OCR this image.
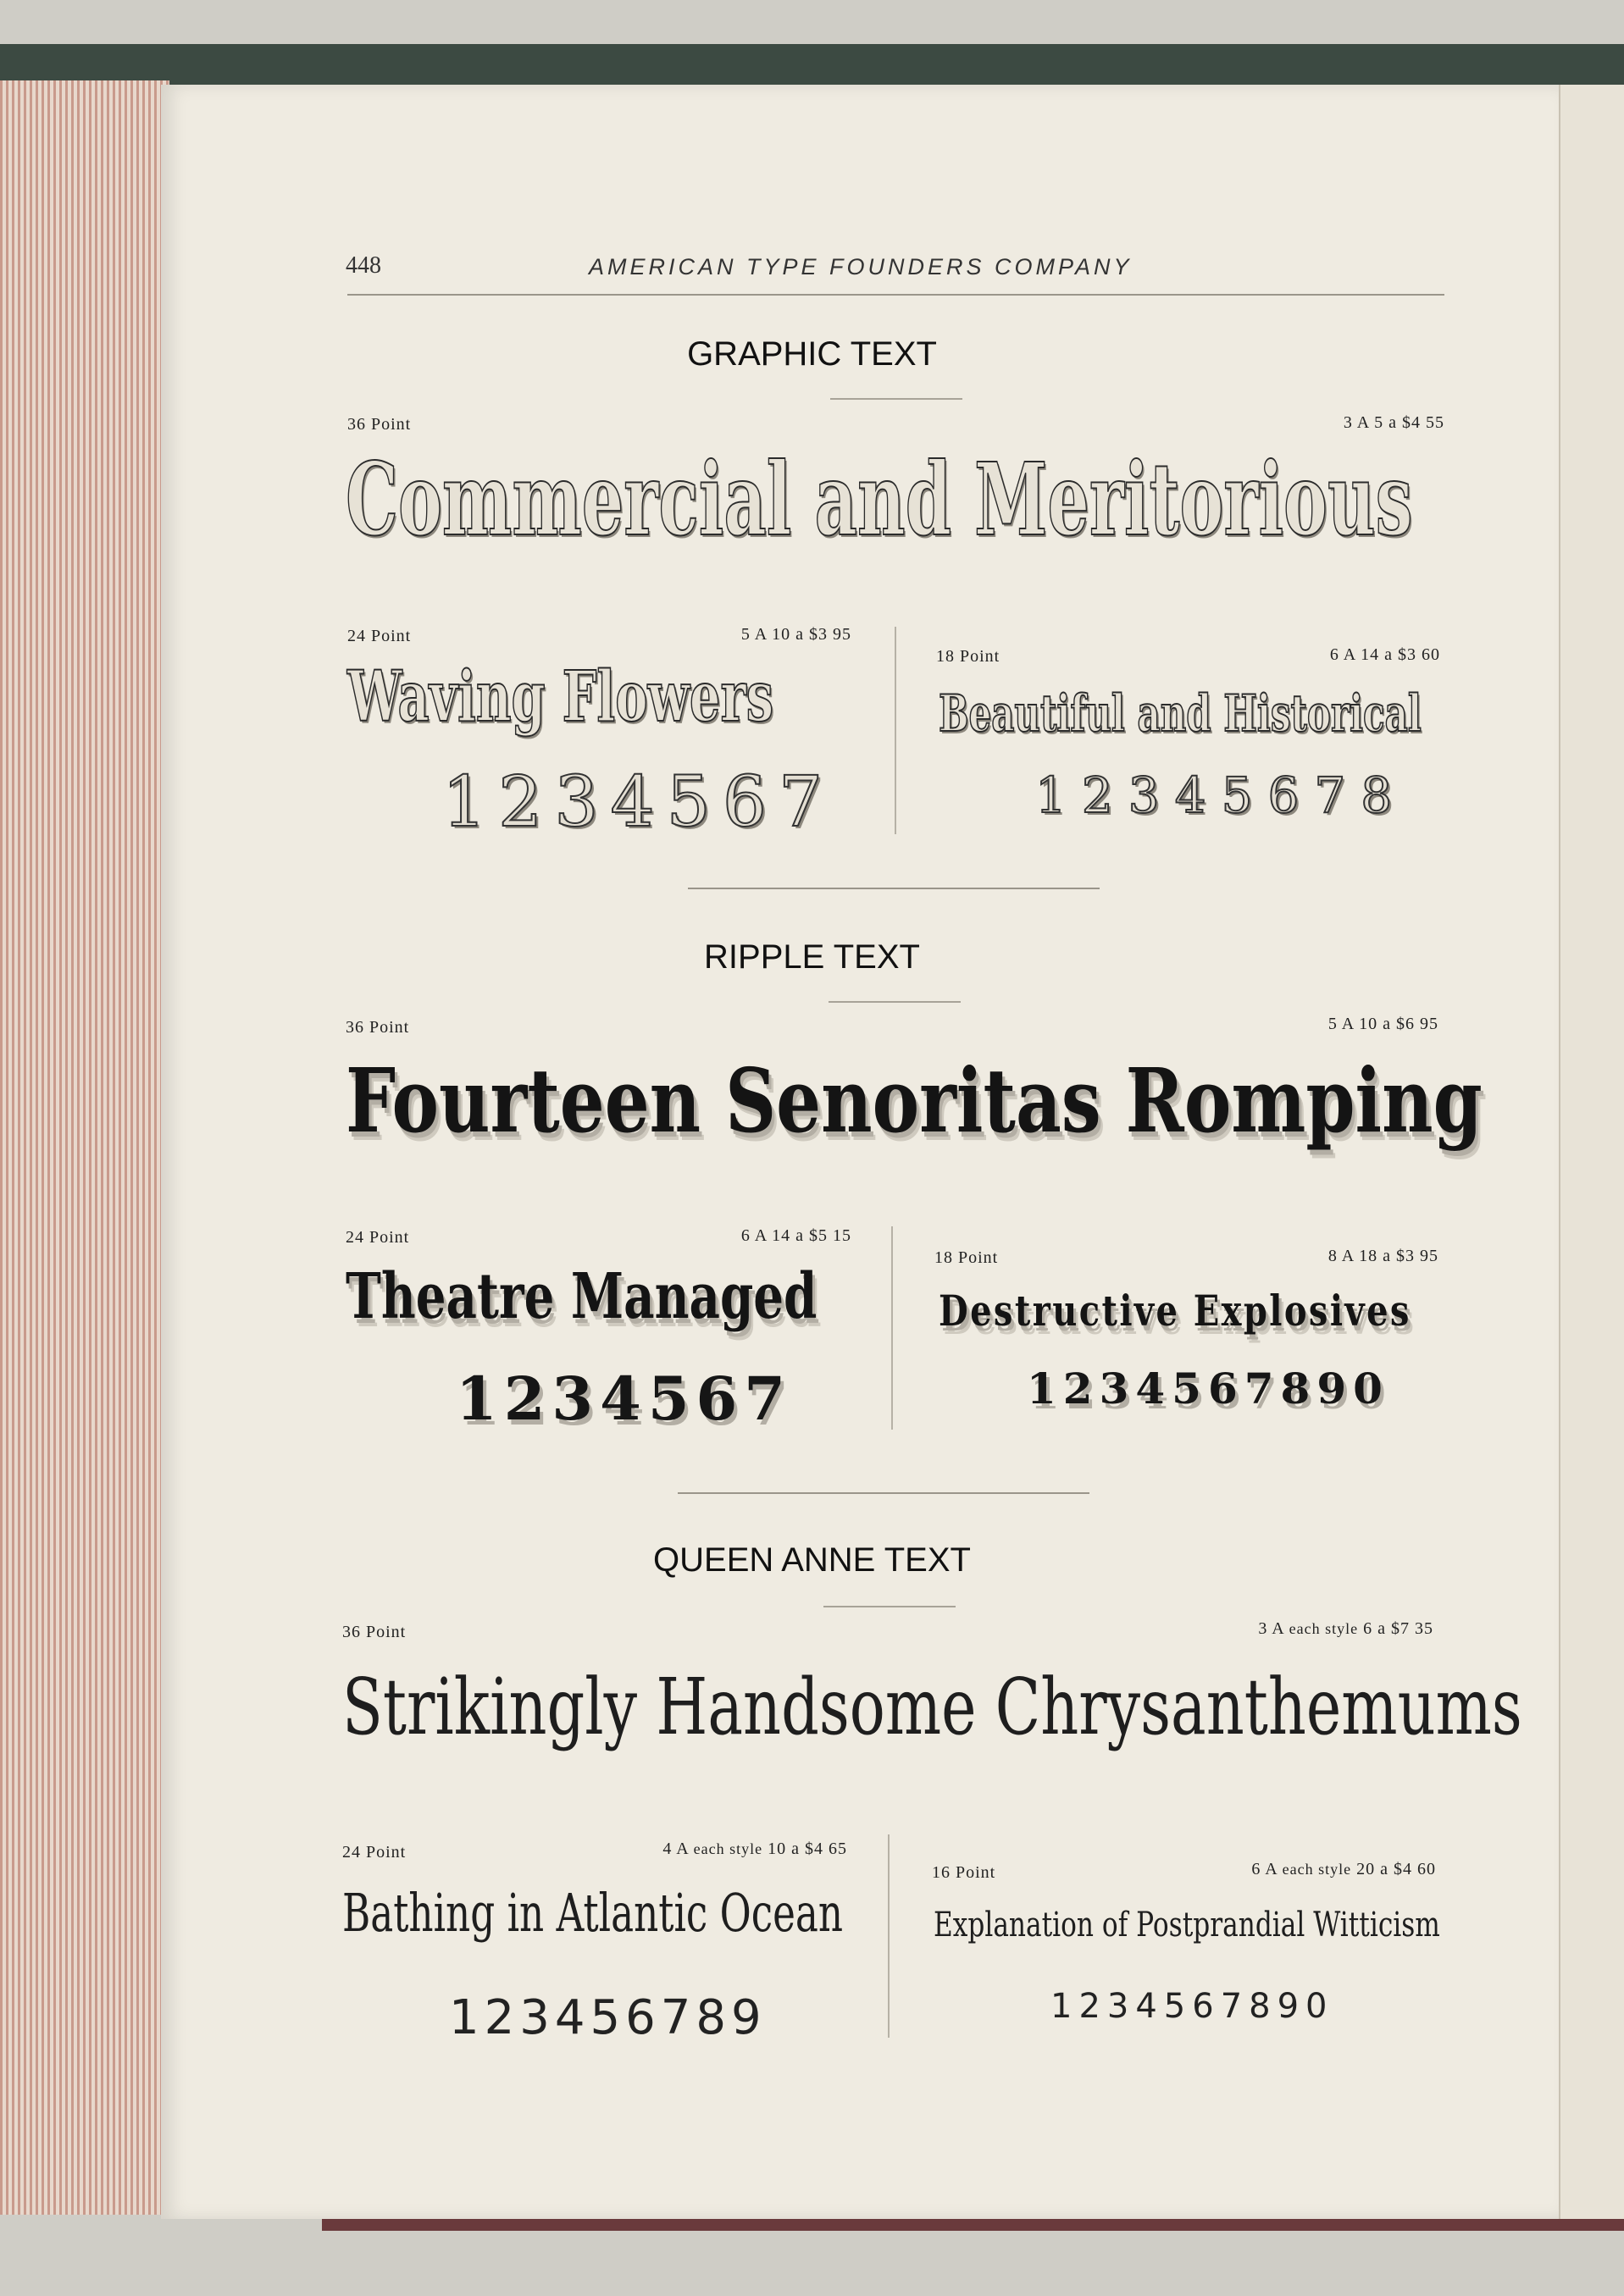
448	AMERICAN TYPE FOUNDERS COMPANY
GRAPHIC TEXT
36 Point	3 A 5 a $4 55
Commercial and Meritorious
24 Point	5 A 10 a $3 95
Waving Flowers
1234567
18 Point	6 A 14 a $3 60
Beautiful and Historical
12345678
RIPPLE TEXT
36 Point	5 A 10 a $6 95
Fourteen Senoritas Romping
24 Point	6 A 14 a $5 15
Theatre Managed
1234567
18 Point	8 A 18 a $3 95
Destructive Explosives
1234567890
QUEEN ANNE TEXT
36 Point	3 A each style 6 a $7 35
Strikingly Handsome Chrysanthemums
24 Point	4 A each style 10 a $4 65
Bathing in Atlantic Ocean
123456789
16 Point	6 A each style 20 a $4 60
Explanation of Postprandial Witticism
1234567890
